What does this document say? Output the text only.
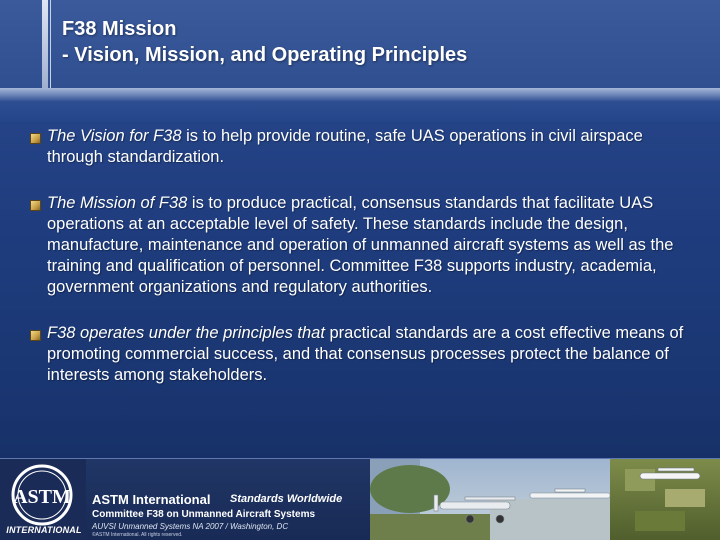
F38 Mission
- Vision, Mission, and Operating Principles
The Vision for F38 is to help provide routine, safe UAS operations in civil airspace through standardization.
The Mission of F38 is to produce practical, consensus standards that facilitate UAS operations at an acceptable level of safety. These standards include the design, manufacture, maintenance and operation of unmanned aircraft systems as well as the training and qualification of personnel. Committee F38 supports industry, academia, government organizations and regulatory authorities.
F38 operates under the principles that practical standards are a cost effective means of promoting commercial success, and that consensus processes protect the balance of interests among stakeholders.
ASTM
INTERNATIONAL
ASTM International Standards Worldwide
Committee F38 on Unmanned Aircraft Systems
AUVSI Unmanned Systems NA 2007 / Washington, DC
©ASTM International. All rights reserved.
